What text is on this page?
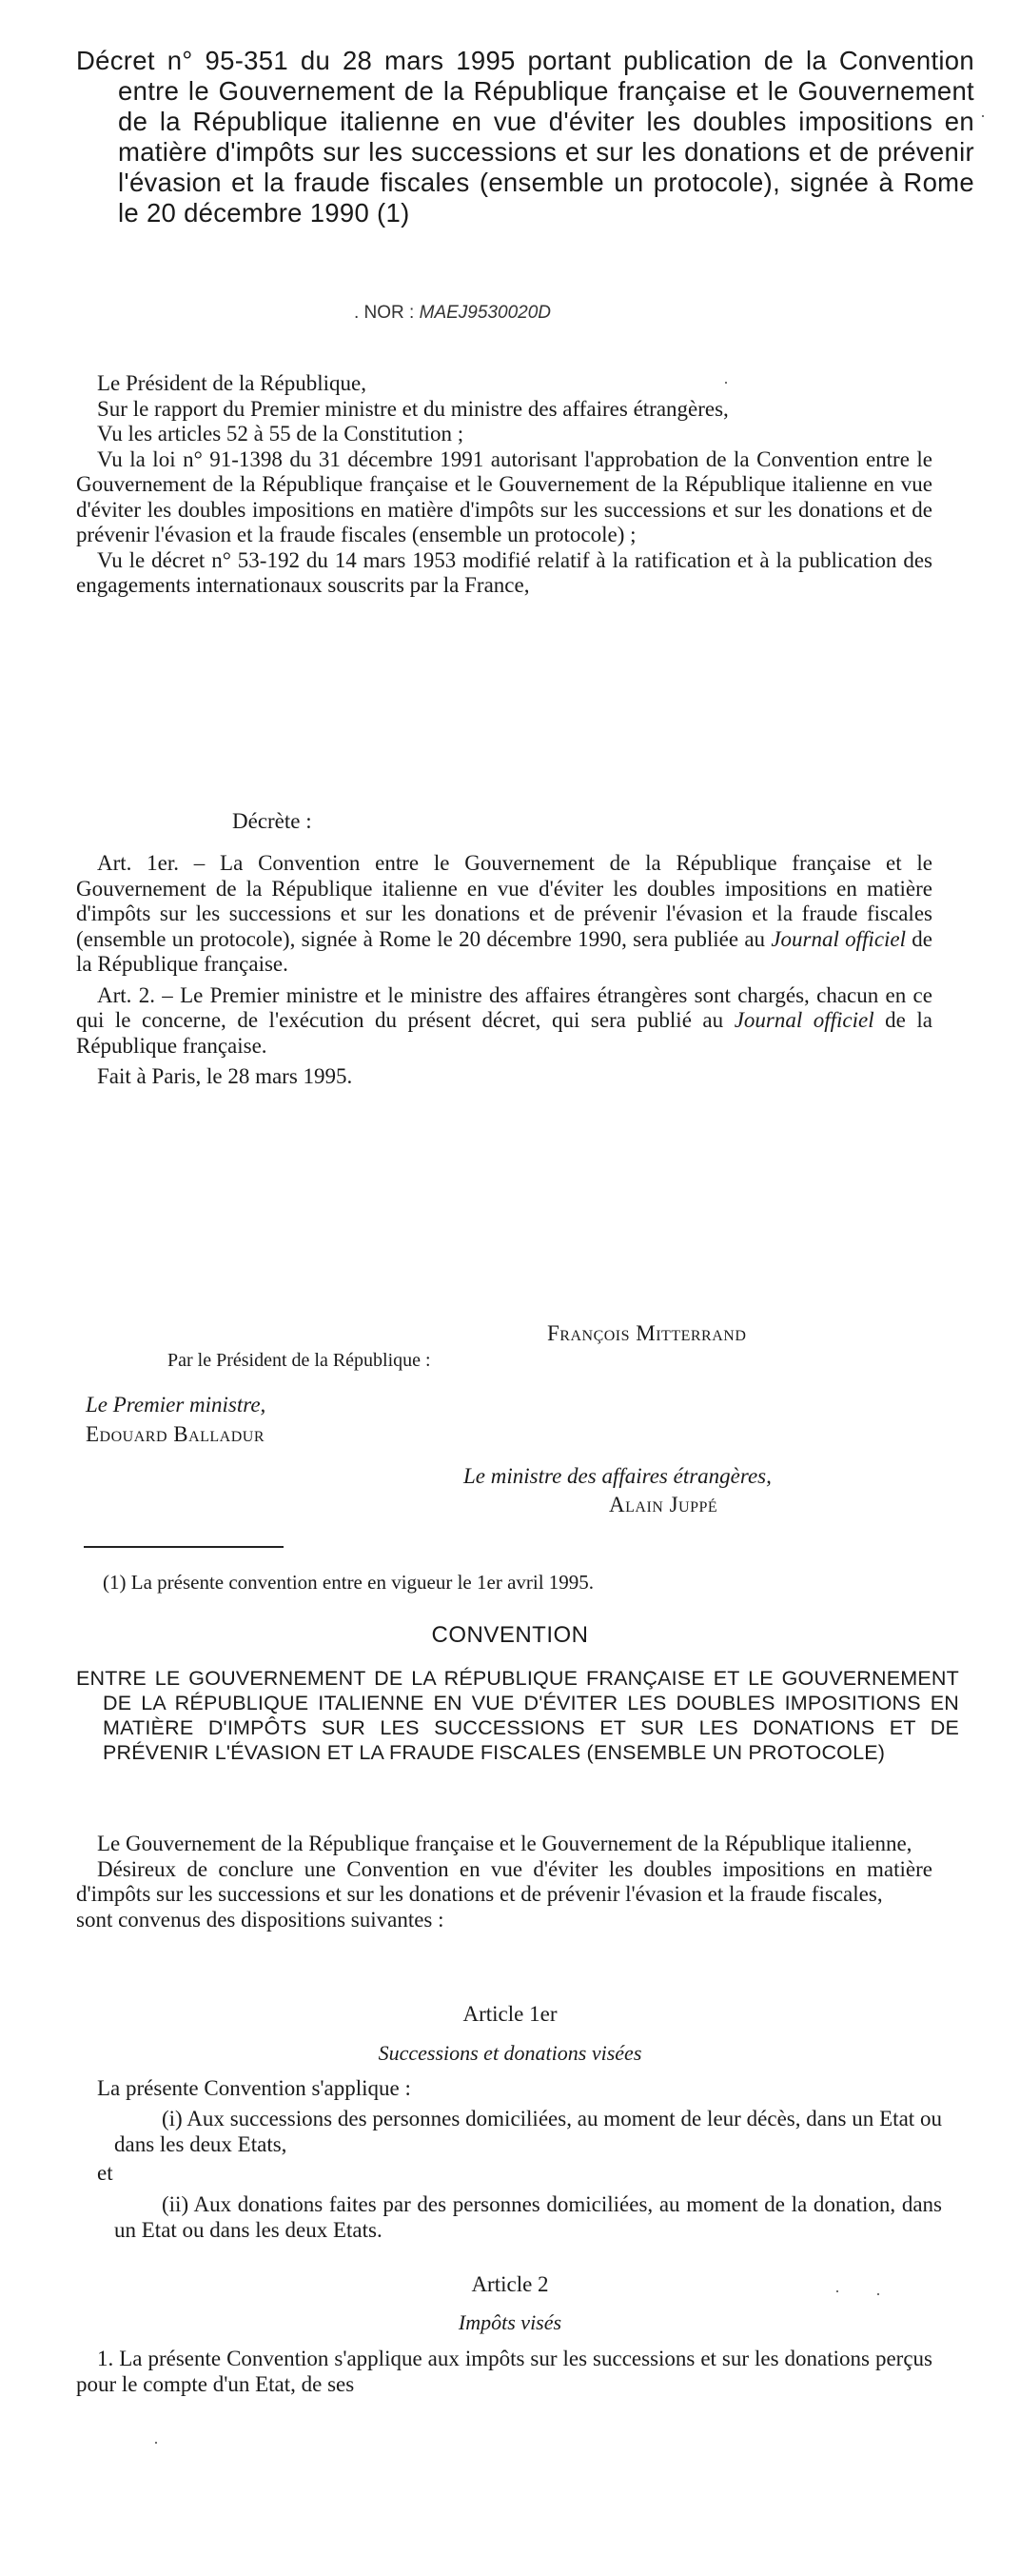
Décret n° 95-351 du 28 mars 1995 portant publication de la Convention entre le Gouvernement de la République française et le Gouvernement de la République italienne en vue d'éviter les doubles impositions en matière d'impôts sur les successions et sur les donations et de prévenir l'évasion et la fraude fiscales (ensemble un protocole), signée à Rome le 20 décembre 1990 (1)
. NOR : MAEJ9530020D

Le Président de la République,

Sur le rapport du Premier ministre et du ministre des affaires étrangères,

Vu les articles 52 à 55 de la Constitution ;

Vu la loi n° 91-1398 du 31 décembre 1991 autorisant l'approbation de la Convention entre le Gouvernement de la République française et le Gouvernement de la République italienne en vue d'éviter les doubles impositions en matière d'impôts sur les successions et sur les donations et de prévenir l'évasion et la fraude fiscales (ensemble un protocole) ;

Vu le décret n° 53-192 du 14 mars 1953 modifié relatif à la ratification et à la publication des engagements internationaux souscrits par la France,

Décrète :

Art. 1er. – La Convention entre le Gouvernement de la République française et le Gouvernement de la République italienne en vue d'éviter les doubles impositions en matière d'impôts sur les successions et sur les donations et de prévenir l'évasion et la fraude fiscales (ensemble un protocole), signée à Rome le 20 décembre 1990, sera publiée au Journal officiel de la République française.

Art. 2. – Le Premier ministre et le ministre des affaires étrangères sont chargés, chacun en ce qui le concerne, de l'exécution du présent décret, qui sera publié au Journal officiel de la République française.

Fait à Paris, le 28 mars 1995.

François Mitterrand
Par le Président de la République :
Le Premier ministre,
Edouard Balladur
Le ministre des affaires étrangères,
Alain Juppé
(1) La présente convention entre en vigueur le 1er avril 1995.
CONVENTION
ENTRE LE GOUVERNEMENT DE LA RÉPUBLIQUE FRANÇAISE ET LE GOUVERNEMENT DE LA RÉPUBLIQUE ITALIENNE EN VUE D'ÉVITER LES DOUBLES IMPOSITIONS EN MATIÈRE D'IMPÔTS SUR LES SUCCESSIONS ET SUR LES DONATIONS ET DE PRÉVENIR L'ÉVASION ET LA FRAUDE FISCALES (ENSEMBLE UN PROTOCOLE)

Le Gouvernement de la République française et le Gouvernement de la République italienne,

Désireux de conclure une Convention en vue d'éviter les doubles impositions en matière d'impôts sur les successions et sur les donations et de prévenir l'évasion et la fraude fiscales,

sont convenus des dispositions suivantes :

Article 1er
Successions et donations visées
La présente Convention s'applique :
(i) Aux successions des personnes domiciliées, au moment de leur décès, dans un Etat ou dans les deux Etats,
et
(ii) Aux donations faites par des personnes domiciliées, au moment de la donation, dans un Etat ou dans les deux Etats.
Article 2
Impôts visés

1. La présente Convention s'applique aux impôts sur les successions et sur les donations perçus pour le compte d'un Etat, de ses

·
·
· ·
·
